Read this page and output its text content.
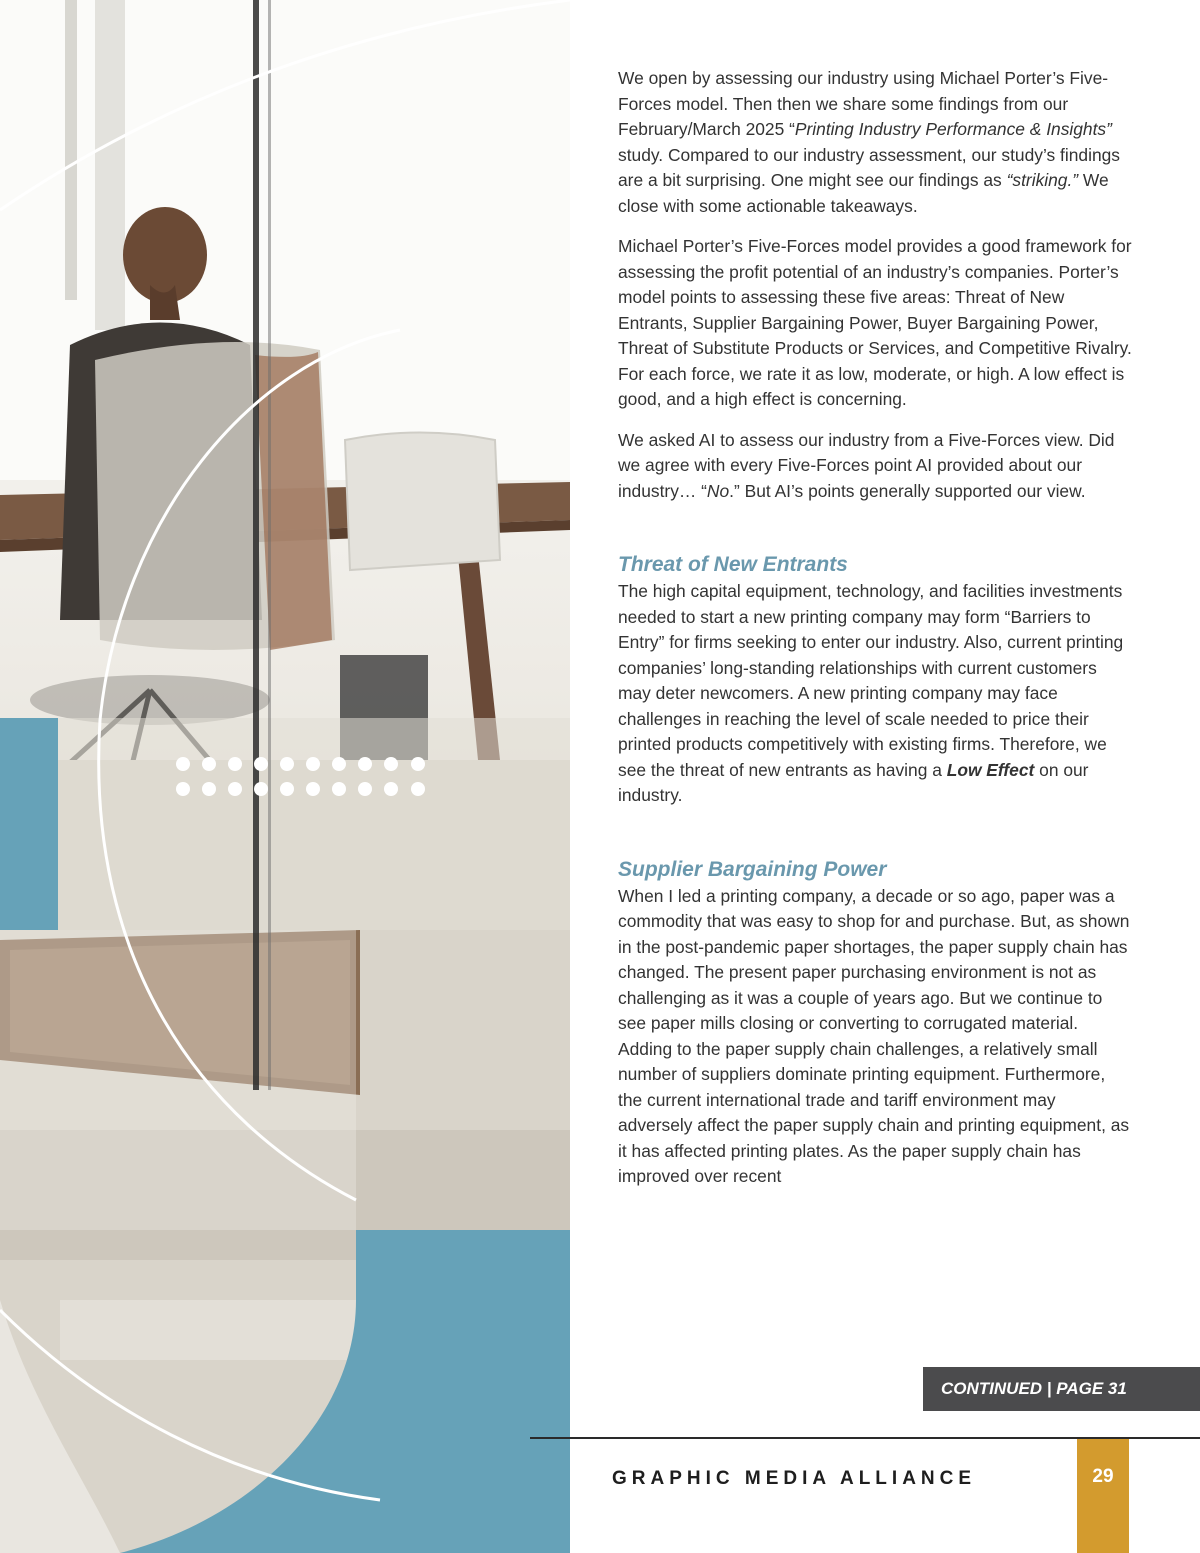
We open by assessing our industry using Michael Porter’s Five-Forces model. Then then we share some findings from our February/March 2025 “Printing Industry Performance & Insights” study. Compared to our industry assessment, our study’s findings are a bit surprising. One might see our findings as “striking.” We close with some actionable takeaways.

Michael Porter’s Five-Forces model provides a good framework for assessing the profit potential of an industry’s companies. Porter’s model points to assessing these five areas: Threat of New Entrants, Supplier Bargaining Power, Buyer Bargaining Power, Threat of Substitute Products or Services, and Competitive Rivalry. For each force, we rate it as low, moderate, or high. A low effect is good, and a high effect is concerning.

We asked AI to assess our industry from a Five-Forces view. Did we agree with every Five-Forces point AI provided about our industry… “No.” But AI’s points generally supported our view.

Threat of New Entrants

The high capital equipment, technology, and facilities investments needed to start a new printing company may form “Barriers to Entry” for firms seeking to enter our industry. Also, current printing companies’ long-standing relationships with current customers may deter newcomers. A new printing company may face challenges in reaching the level of scale needed to price their printed products competitively with existing firms. Therefore, we see the threat of new entrants as having a Low Effect on our industry.

Supplier Bargaining Power

When I led a printing company, a decade or so ago, paper was a commodity that was easy to shop for and purchase. But, as shown in the post-pandemic paper shortages, the paper supply chain has changed. The present paper purchasing environment is not as challenging as it was a couple of years ago. But we continue to see paper mills closing or converting to corrugated material. Adding to the paper supply chain challenges, a relatively small number of suppliers dominate printing equipment. Furthermore, the current international trade and tariff environment may adversely affect the paper supply chain and printing equipment, as it has affected printing plates. As the paper supply chain has improved over recent

CONTINUED | PAGE 31
GRAPHIC MEDIA ALLIANCE	29
